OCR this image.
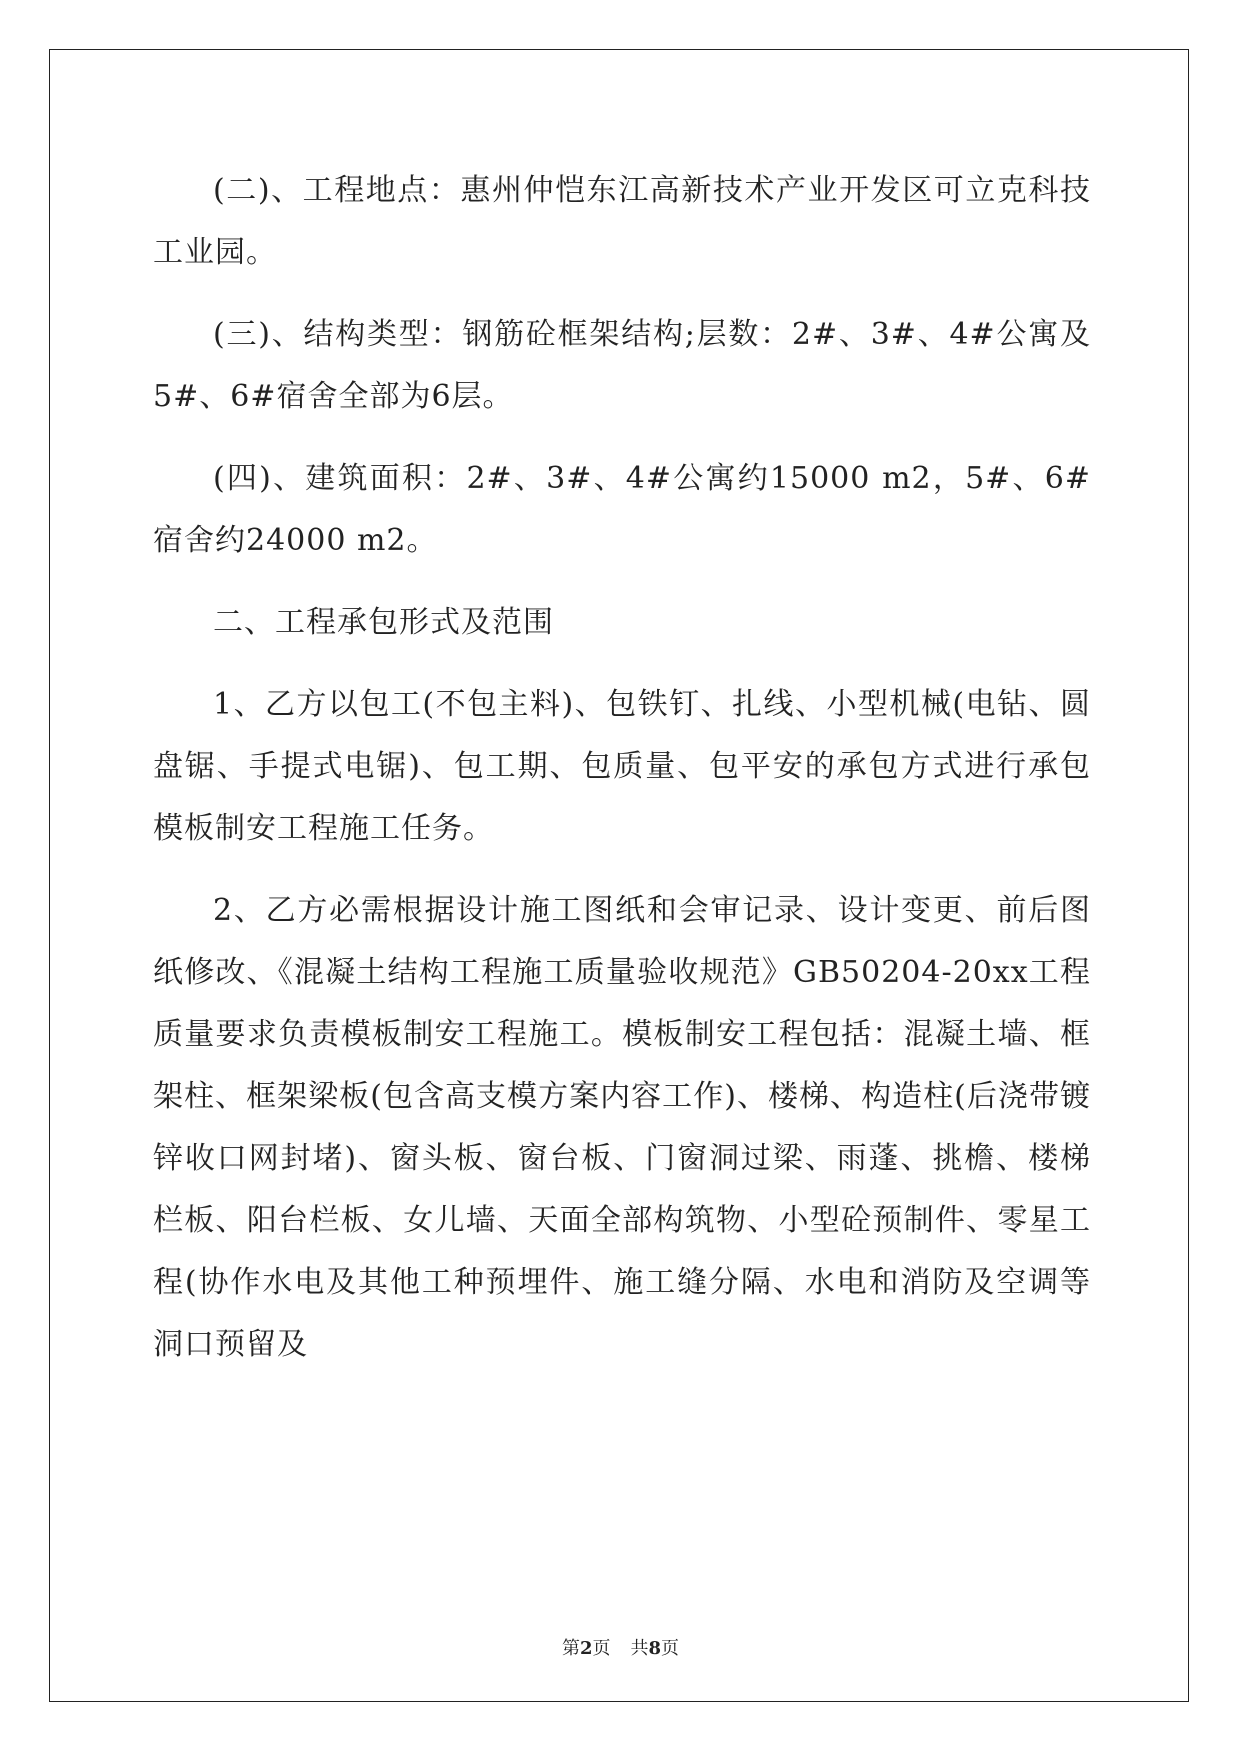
(二)、工程地点：惠州仲恺东江高新技术产业开发区可立克科技工业园。

(三)、结构类型：钢筋砼框架结构;层数：2#、3#、4#公寓及5#、6#宿舍全部为6层。

(四)、建筑面积：2#、3#、4#公寓约15000 m2，5#、6#宿舍约24000 m2。

二、工程承包形式及范围

1、乙方以包工(不包主料)、包铁钉、扎线、小型机械(电钻、圆盘锯、手提式电锯)、包工期、包质量、包平安的承包方式进行承包模板制安工程施工任务。

2、乙方必需根据设计施工图纸和会审记录、设计变更、前后图纸修改、《混凝土结构工程施工质量验收规范》GB50204-20xx工程质量要求负责模板制安工程施工。模板制安工程包括：混凝土墙、框架柱、框架梁板(包含高支模方案内容工作)、楼梯、构造柱(后浇带镀锌收口网封堵)、窗头板、窗台板、门窗洞过梁、雨蓬、挑檐、楼梯栏板、阳台栏板、女儿墙、天面全部构筑物、小型砼预制件、零星工程(协作水电及其他工种预埋件、施工缝分隔、水电和消防及空调等洞口预留及

第2页 共8页
